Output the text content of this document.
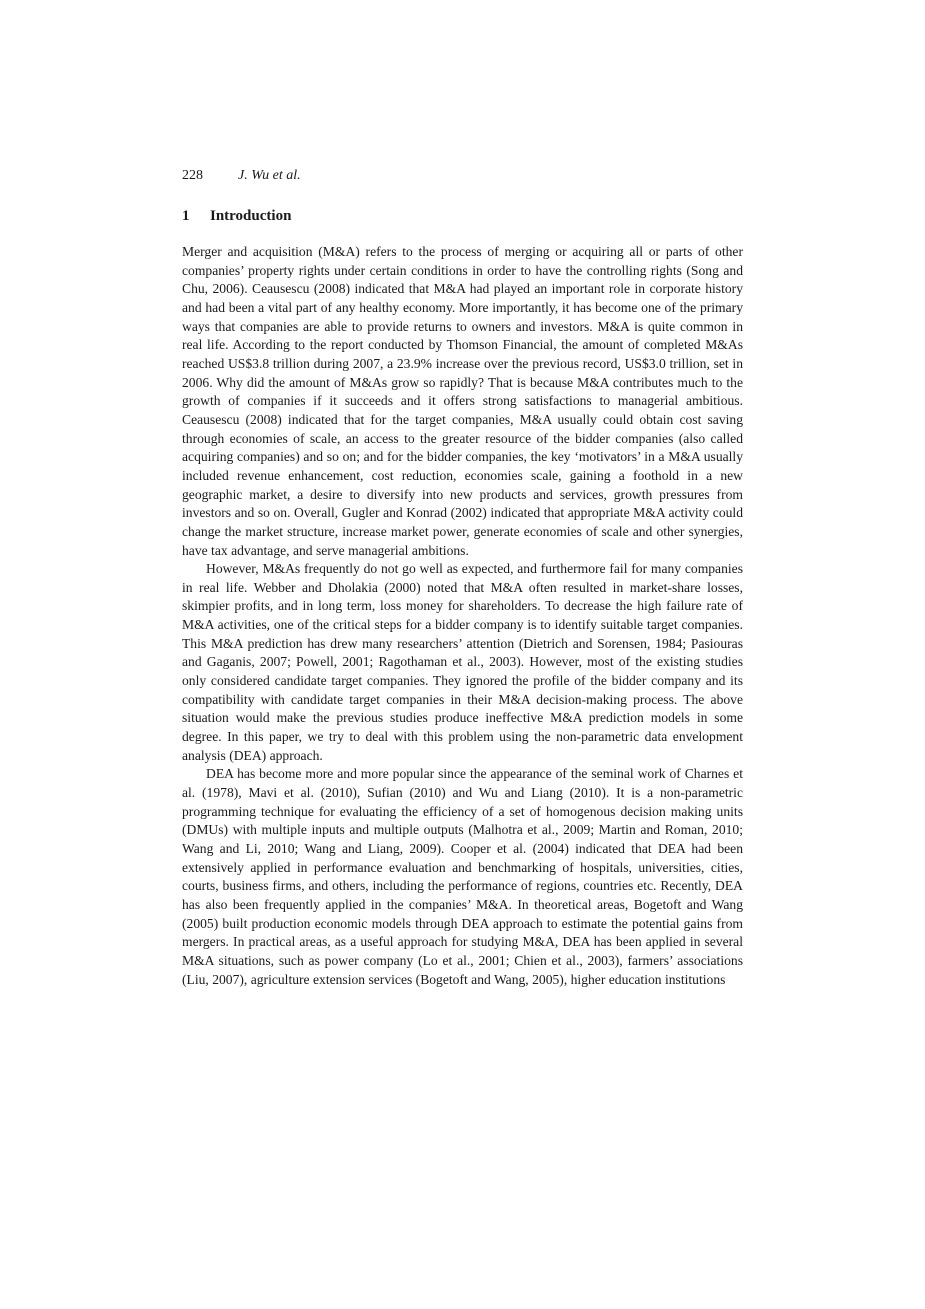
228	J. Wu et al.
1 Introduction

Merger and acquisition (M&A) refers to the process of merging or acquiring all or parts of other companies’ property rights under certain conditions in order to have the controlling rights (Song and Chu, 2006). Ceausescu (2008) indicated that M&A had played an important role in corporate history and had been a vital part of any healthy economy. More importantly, it has become one of the primary ways that companies are able to provide returns to owners and investors. M&A is quite common in real life. According to the report conducted by Thomson Financial, the amount of completed M&As reached US$3.8 trillion during 2007, a 23.9% increase over the previous record, US$3.0 trillion, set in 2006. Why did the amount of M&As grow so rapidly? That is because M&A contributes much to the growth of companies if it succeeds and it offers strong satisfactions to managerial ambitious. Ceausescu (2008) indicated that for the target companies, M&A usually could obtain cost saving through economies of scale, an access to the greater resource of the bidder companies (also called acquiring companies) and so on; and for the bidder companies, the key ‘motivators’ in a M&A usually included revenue enhancement, cost reduction, economies scale, gaining a foothold in a new geographic market, a desire to diversify into new products and services, growth pressures from investors and so on. Overall, Gugler and Konrad (2002) indicated that appropriate M&A activity could change the market structure, increase market power, generate economies of scale and other synergies, have tax advantage, and serve managerial ambitions.

However, M&As frequently do not go well as expected, and furthermore fail for many companies in real life. Webber and Dholakia (2000) noted that M&A often resulted in market-share losses, skimpier profits, and in long term, loss money for shareholders. To decrease the high failure rate of M&A activities, one of the critical steps for a bidder company is to identify suitable target companies. This M&A prediction has drew many researchers’ attention (Dietrich and Sorensen, 1984; Pasiouras and Gaganis, 2007; Powell, 2001; Ragothaman et al., 2003). However, most of the existing studies only considered candidate target companies. They ignored the profile of the bidder company and its compatibility with candidate target companies in their M&A decision-making process. The above situation would make the previous studies produce ineffective M&A prediction models in some degree. In this paper, we try to deal with this problem using the non-parametric data envelopment analysis (DEA) approach.

DEA has become more and more popular since the appearance of the seminal work of Charnes et al. (1978), Mavi et al. (2010), Sufian (2010) and Wu and Liang (2010). It is a non-parametric programming technique for evaluating the efficiency of a set of homogenous decision making units (DMUs) with multiple inputs and multiple outputs (Malhotra et al., 2009; Martin and Roman, 2010; Wang and Li, 2010; Wang and Liang, 2009). Cooper et al. (2004) indicated that DEA had been extensively applied in performance evaluation and benchmarking of hospitals, universities, cities, courts, business firms, and others, including the performance of regions, countries etc. Recently, DEA has also been frequently applied in the companies’ M&A. In theoretical areas, Bogetoft and Wang (2005) built production economic models through DEA approach to estimate the potential gains from mergers. In practical areas, as a useful approach for studying M&A, DEA has been applied in several M&A situations, such as power company (Lo et al., 2001; Chien et al., 2003), farmers’ associations (Liu, 2007), agriculture extension services (Bogetoft and Wang, 2005), higher education institutions
